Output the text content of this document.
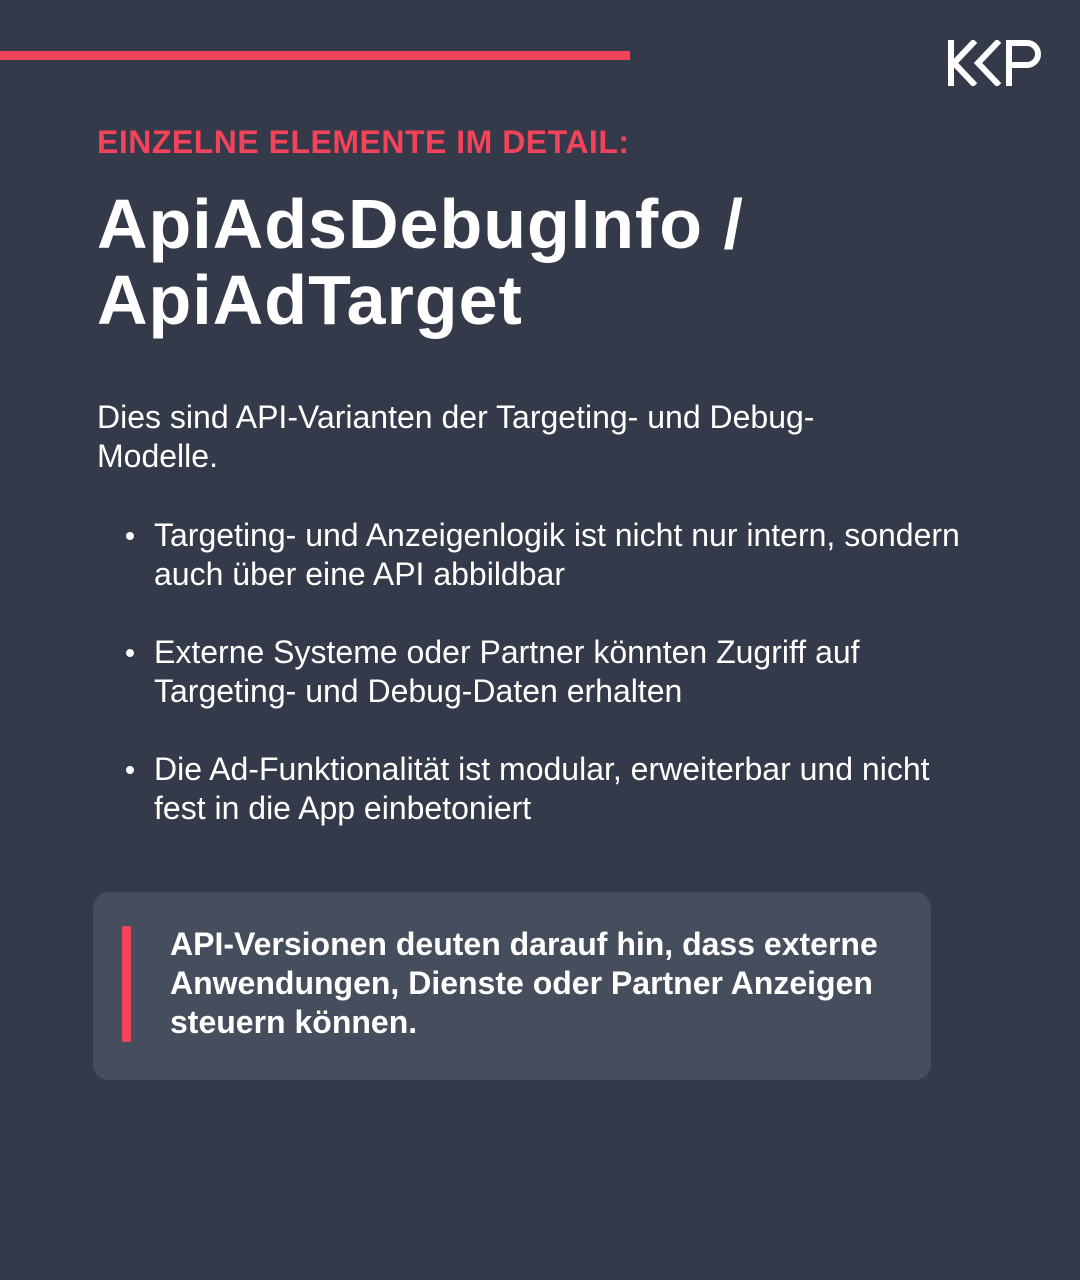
EINZELNE ELEMENTE IM DETAIL:

ApiAdsDebugInfo /
ApiAdTarget

Dies sind API-Varianten der Targeting- und Debug-Modelle.

Targeting- und Anzeigenlogik ist nicht nur intern, sondern auch über eine API abbildbar
Externe Systeme oder Partner könnten Zugriff auf Targeting- und Debug-Daten erhalten
Die Ad-Funktionalität ist modular, erweiterbar und nicht fest in die App einbetoniert

API-Versionen deuten darauf hin, dass externe Anwendungen, Dienste oder Partner Anzeigen steuern können.
